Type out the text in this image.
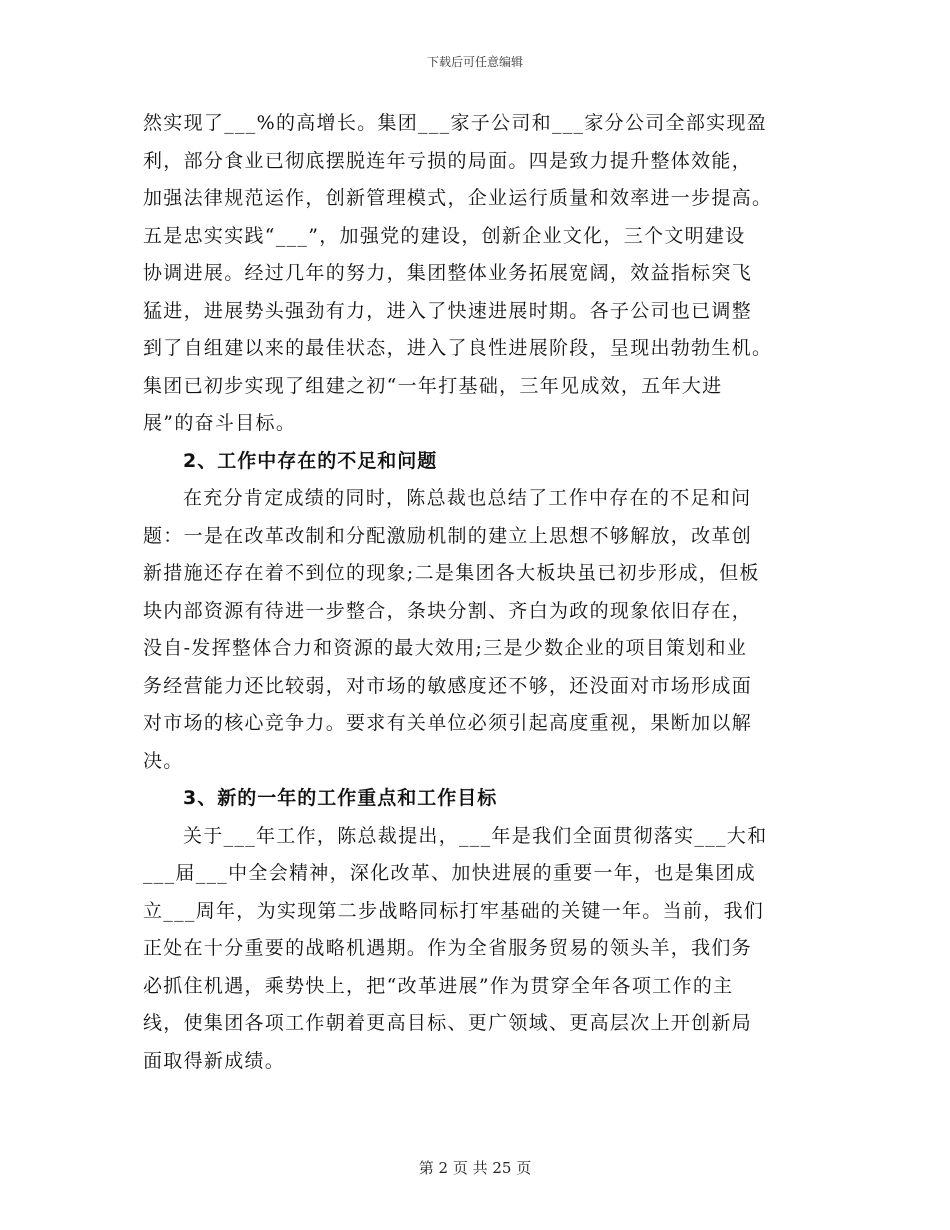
下载后可任意编辑
然实现了___%的高增长。集团___家子公司和___家分公司全部实现盈
利，部分食业已彻底摆脱连年亏损的局面。四是致力提升整体效能，
加强法律规范运作，创新管理模式，企业运行质量和效率进一步提高。
五是忠实实践“___”，加强党的建设，创新企业文化，三个文明建设
协调进展。经过几年的努力，集团整体业务拓展宽阔，效益指标突飞
猛进，进展势头强劲有力，进入了快速进展时期。各子公司也已调整
到了自组建以来的最佳状态，进入了良性进展阶段，呈现出勃勃生机。
集团已初步实现了组建之初“一年打基础，三年见成效，五年大进
展”的奋斗目标。
2、工作中存在的不足和问题
在充分肯定成绩的同时，陈总裁也总结了工作中存在的不足和问
题：一是在改革改制和分配激励机制的建立上思想不够解放，改革创
新措施还存在着不到位的现象;二是集团各大板块虽已初步形成，但板
块内部资源有待进一步整合，条块分割、齐白为政的现象依旧存在，
没自-发挥整体合力和资源的最大效用;三是少数企业的项目策划和业
务经营能力还比较弱，对市场的敏感度还不够，还没面对市场形成面
对市场的核心竞争力。要求有关单位必须引起高度重视，果断加以解
决。
3、新的一年的工作重点和工作目标
关于___年工作，陈总裁提出，___年是我们全面贯彻落实___大和
___届___中全会精神，深化改革、加快进展的重要一年，也是集团成
立___周年，为实现第二步战略同标打牢基础的关键一年。当前，我们
正处在十分重要的战略机遇期。作为全省服务贸易的领头羊，我们务
必抓住机遇，乘势快上，把“改革进展”作为贯穿全年各项工作的主
线，使集团各项工作朝着更高目标、更广领域、更高层次上开创新局
面取得新成绩。
第 2 页 共 25 页
